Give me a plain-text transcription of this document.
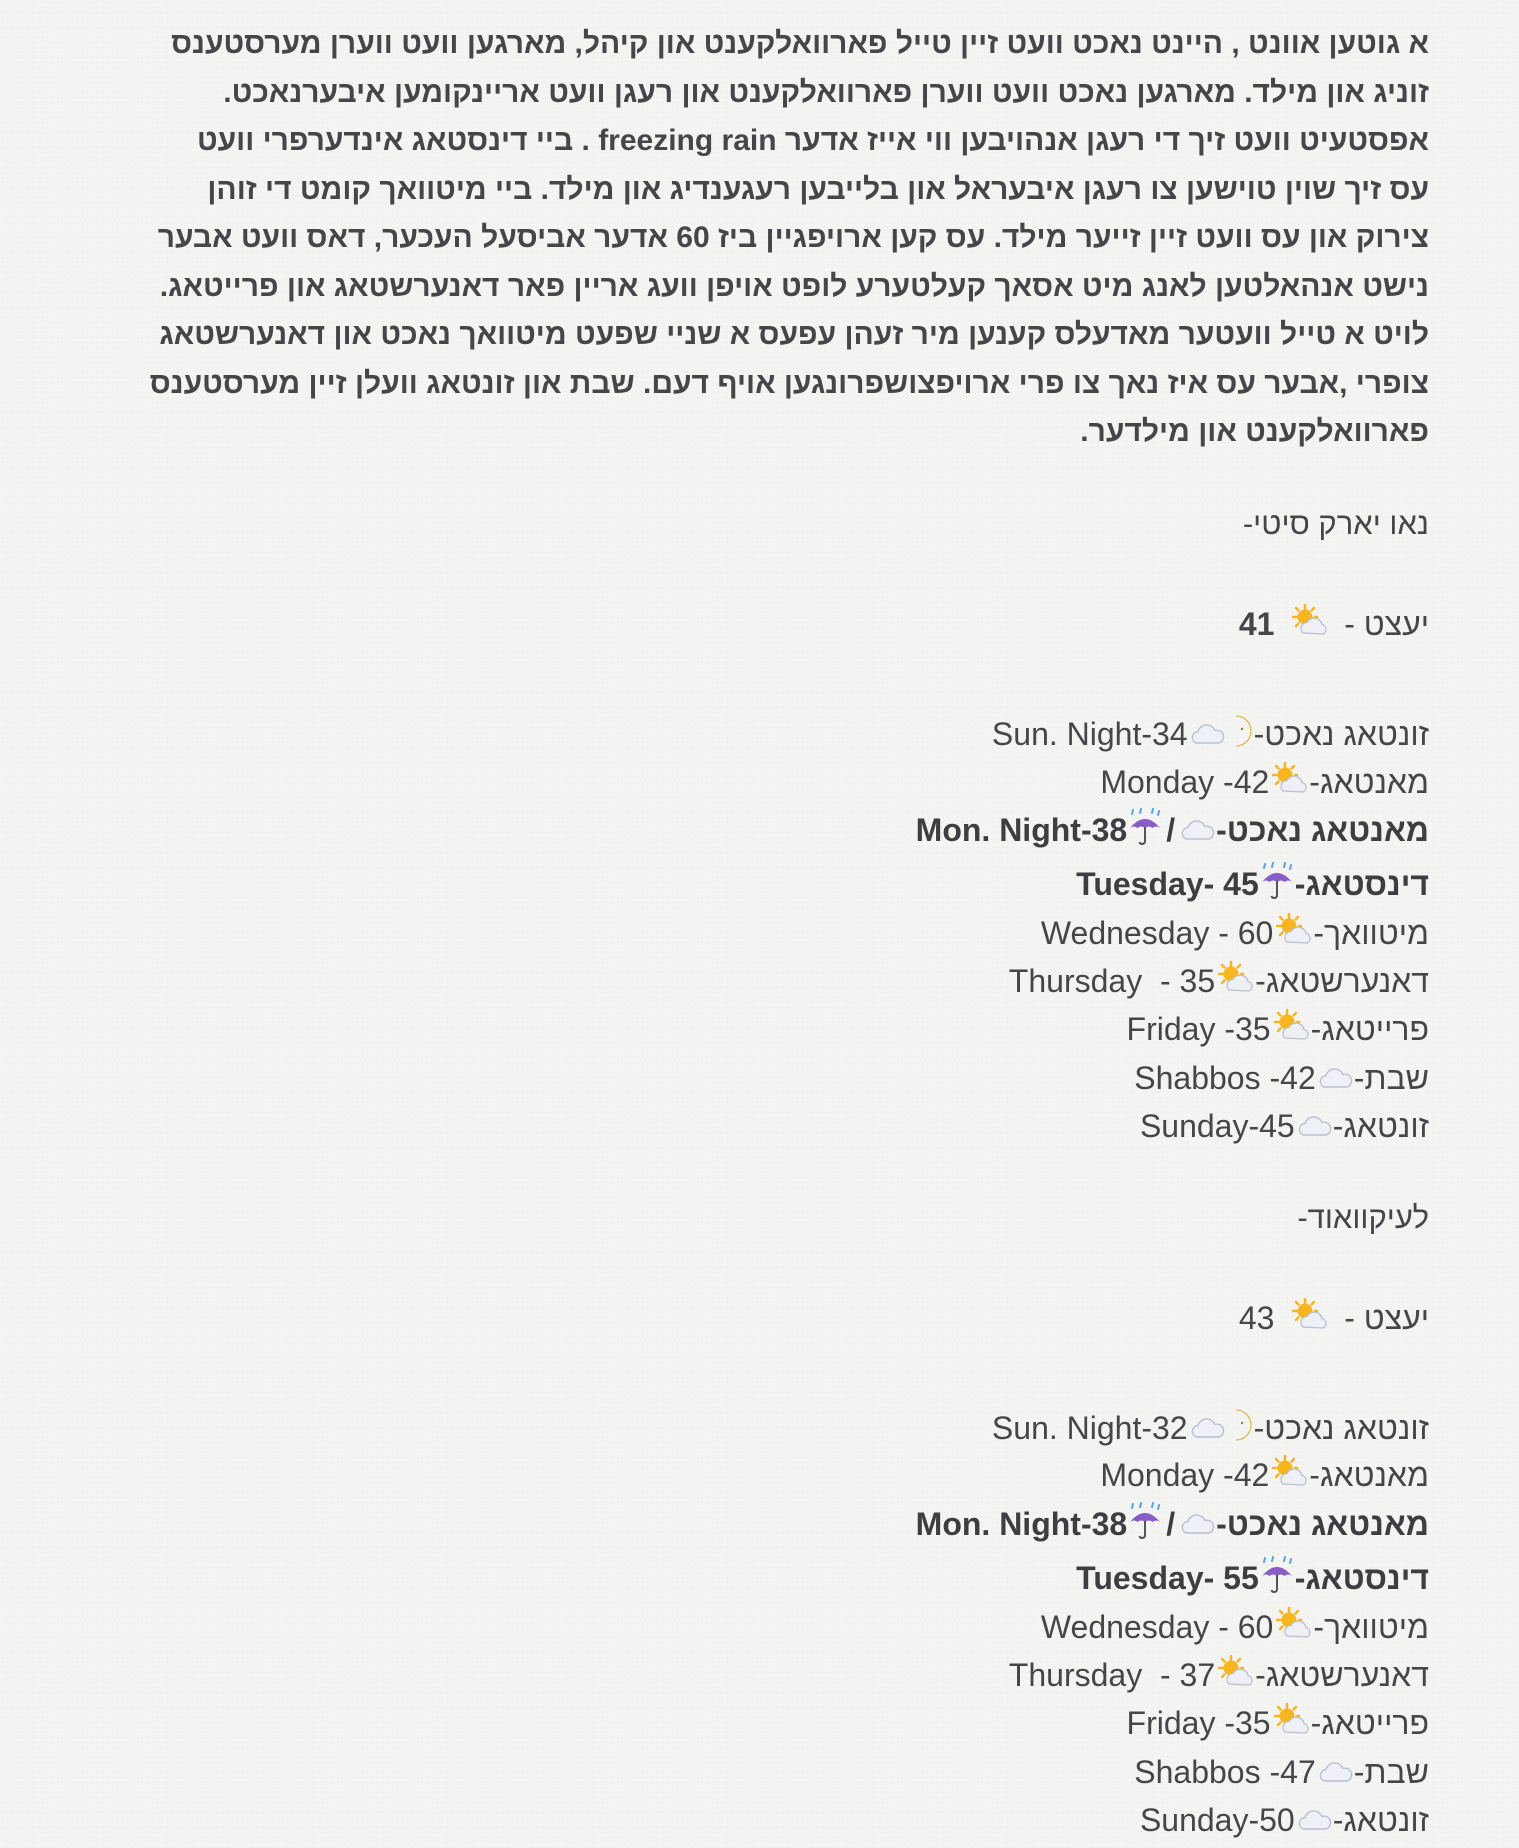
א גוטען אוונט , היינט נאכט וועט זיין טייל פארוואלקענט און קיהל, מארגען וועט ווערן מערסטענס
זוניג און מילד. מארגען נאכט וועט ווערן פארוואלקענט און רעגן וועט אריינקומען איבערנאכט.
אפסטעיט וועט זיך די רעגן אנהויבען ווי אייז אדער freezing rain . ביי דינסטאג אינדערפרי וועט
עס זיך שוין טוישען צו רעגן איבעראל און בלייבען רעגענדיג און מילד. ביי מיטוואך קומט די זוהן
צירוק און עס וועט זיין זייער מילד. עס קען ארויפגיין ביז 60 אדער אביסעל העכער, דאס וועט אבער
נישט אנהאלטען לאנג מיט אסאך קעלטערע לופט אויפן וועג אריין פאר דאנערשטאג און פרייטאג.
לויט א טייל וועטער מאדעלס קענען מיר זעהן עפעס א שניי שפעט מיטוואך נאכט און דאנערשטאג
צופרי ,אבער עס איז נאך צו פרי ארויפצושפרונגען אויף דעם. שבת און זונטאג וועלן זיין מערסטענס
פארוואלקענט און מילדער.
נאו יארק סיטי-
יעצט -  41
זונטאג נאכט-Sun. Night-34
מאנטאג-Monday -42
מאנטאג נאכט-/Mon. Night-38
דינסטאג-Tuesday- 45
מיטוואך-Wednesday - 60
דאנערשטאג-Thursday  - 35
פרייטאג-Friday -35
שבת-Shabbos -42
זונטאג-Sunday-45
לעיקוואוד-
יעצט -  43
זונטאג נאכט-Sun. Night-32
מאנטאג-Monday -42
מאנטאג נאכט-/Mon. Night-38
דינסטאג-Tuesday- 55
מיטוואך-Wednesday - 60
דאנערשטאג-Thursday  - 37
פרייטאג-Friday -35
שבת-Shabbos -47
זונטאג-Sunday-50
